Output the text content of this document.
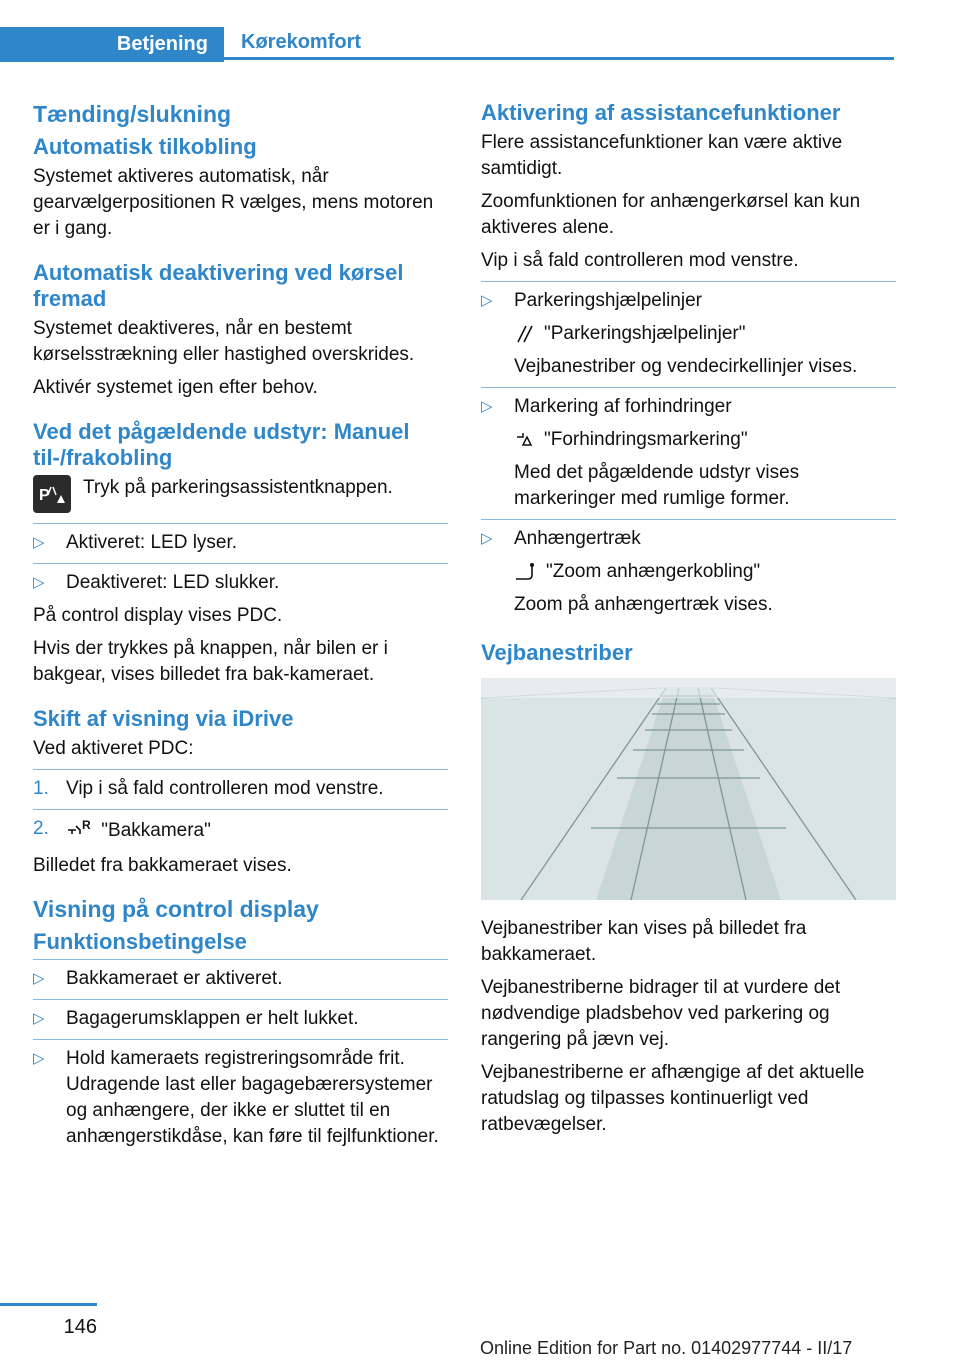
Betjening	Kørekomfort
Tænding/slukning
Automatisk tilkobling
Systemet aktiveres automatisk, når gearvælgerpositionen R vælges, mens motoren er i gang.
Automatisk deaktivering ved kørsel fremad
Systemet deaktiveres, når en bestemt kørselsstrækning eller hastighed overskrides.
Aktivér systemet igen efter behov.
Ved det pågældende udstyr: Manuel til-/frakobling
P Tryk på parkeringsassistentknappen.
▷ Aktiveret: LED lyser.
▷ Deaktiveret: LED slukker.
På control display vises PDC.
Hvis der trykkes på knappen, når bilen er i bakgear, vises billedet fra bak-kameraet.
Skift af visning via iDrive
Ved aktiveret PDC:
1. Vip i så fald controlleren mod venstre.
2.	R "Bakkamera"
Billedet fra bakkameraet vises.
Visning på control display
Funktionsbetingelse
▷ Bakkameraet er aktiveret.
▷ Bagagerumsklappen er helt lukket.
▷ Hold kameraets registreringsområde frit. Udragende last eller bagagebærersystemer og anhængere, der ikke er sluttet til en anhængerstikdåse, kan føre til fejlfunktioner.
Aktivering af assistancefunktioner
Flere assistancefunktioner kan være aktive samtidigt.
Zoomfunktionen for anhængerkørsel kan kun aktiveres alene.
Vip i så fald controlleren mod venstre.
▷ Parkeringshjælpelinjer
"Parkeringshjælpelinjer"
Vejbanestriber og vendecirkellinjer vises.
▷ Markering af forhindringer
"Forhindringsmarkering"
Med det pågældende udstyr vises markeringer med rumlige former.
▷ Anhængertræk
"Zoom anhængerkobling"
Zoom på anhængertræk vises.
Vejbanestriber
Vejbanestriber kan vises på billedet fra bakkameraet.
Vejbanestriberne bidrager til at vurdere det nødvendige pladsbehov ved parkering og rangering på jævn vej.
Vejbanestriberne er afhængige af det aktuelle ratudslag og tilpasses kontinuerligt ved ratbevægelser.
146
Online Edition for Part no. 01402977744 - II/17
